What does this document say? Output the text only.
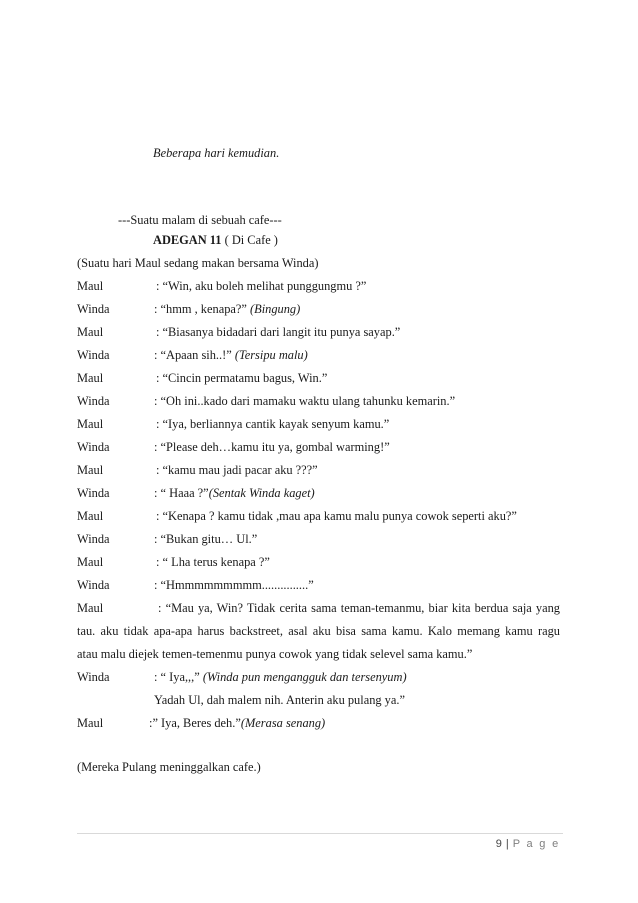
Beberapa hari kemudian.
---Suatu malam di sebuah cafe---
ADEGAN 11 ( Di Cafe )
(Suatu hari Maul sedang makan bersama Winda)
Maul	: “Win, aku boleh melihat punggungmu ?”
Winda	: “hmm , kenapa?” (Bingung)
Maul	: “Biasanya bidadari dari langit itu punya sayap.”
Winda	: “Apaan sih..!” (Tersipu malu)
Maul	: “Cincin permatamu bagus, Win.”
Winda	: “Oh ini..kado dari mamaku waktu ulang tahunku kemarin.”
Maul	: “Iya, berliannya cantik kayak senyum kamu.”
Winda	: “Please deh…kamu itu ya, gombal warming!”
Maul	: “kamu mau jadi pacar aku ???”
Winda	: “ Haaa ?”(Sentak Winda kaget)
Maul	: “Kenapa ? kamu tidak ,mau apa kamu malu punya cowok seperti aku?”
Winda	: “Bukan gitu… Ul.”
Maul	: “ Lha terus kenapa ?”
Winda	: “Hmmmmmmmmm...............”
Maul	: “Mau ya, Win? Tidak cerita sama teman-temanmu, biar kita berdua saja yang
tau. aku tidak apa-apa harus backstreet, asal aku bisa sama kamu. Kalo memang kamu ragu
atau malu diejek temen-temenmu punya cowok yang tidak selevel sama kamu.”
Winda	: “ Iya,,,” (Winda pun mengangguk dan tersenyum)
Yadah Ul, dah malem nih. Anterin aku pulang ya.”
Maul	:” Iya, Beres deh.”(Merasa senang)
(Mereka Pulang meninggalkan cafe.)
9 | P a g e
